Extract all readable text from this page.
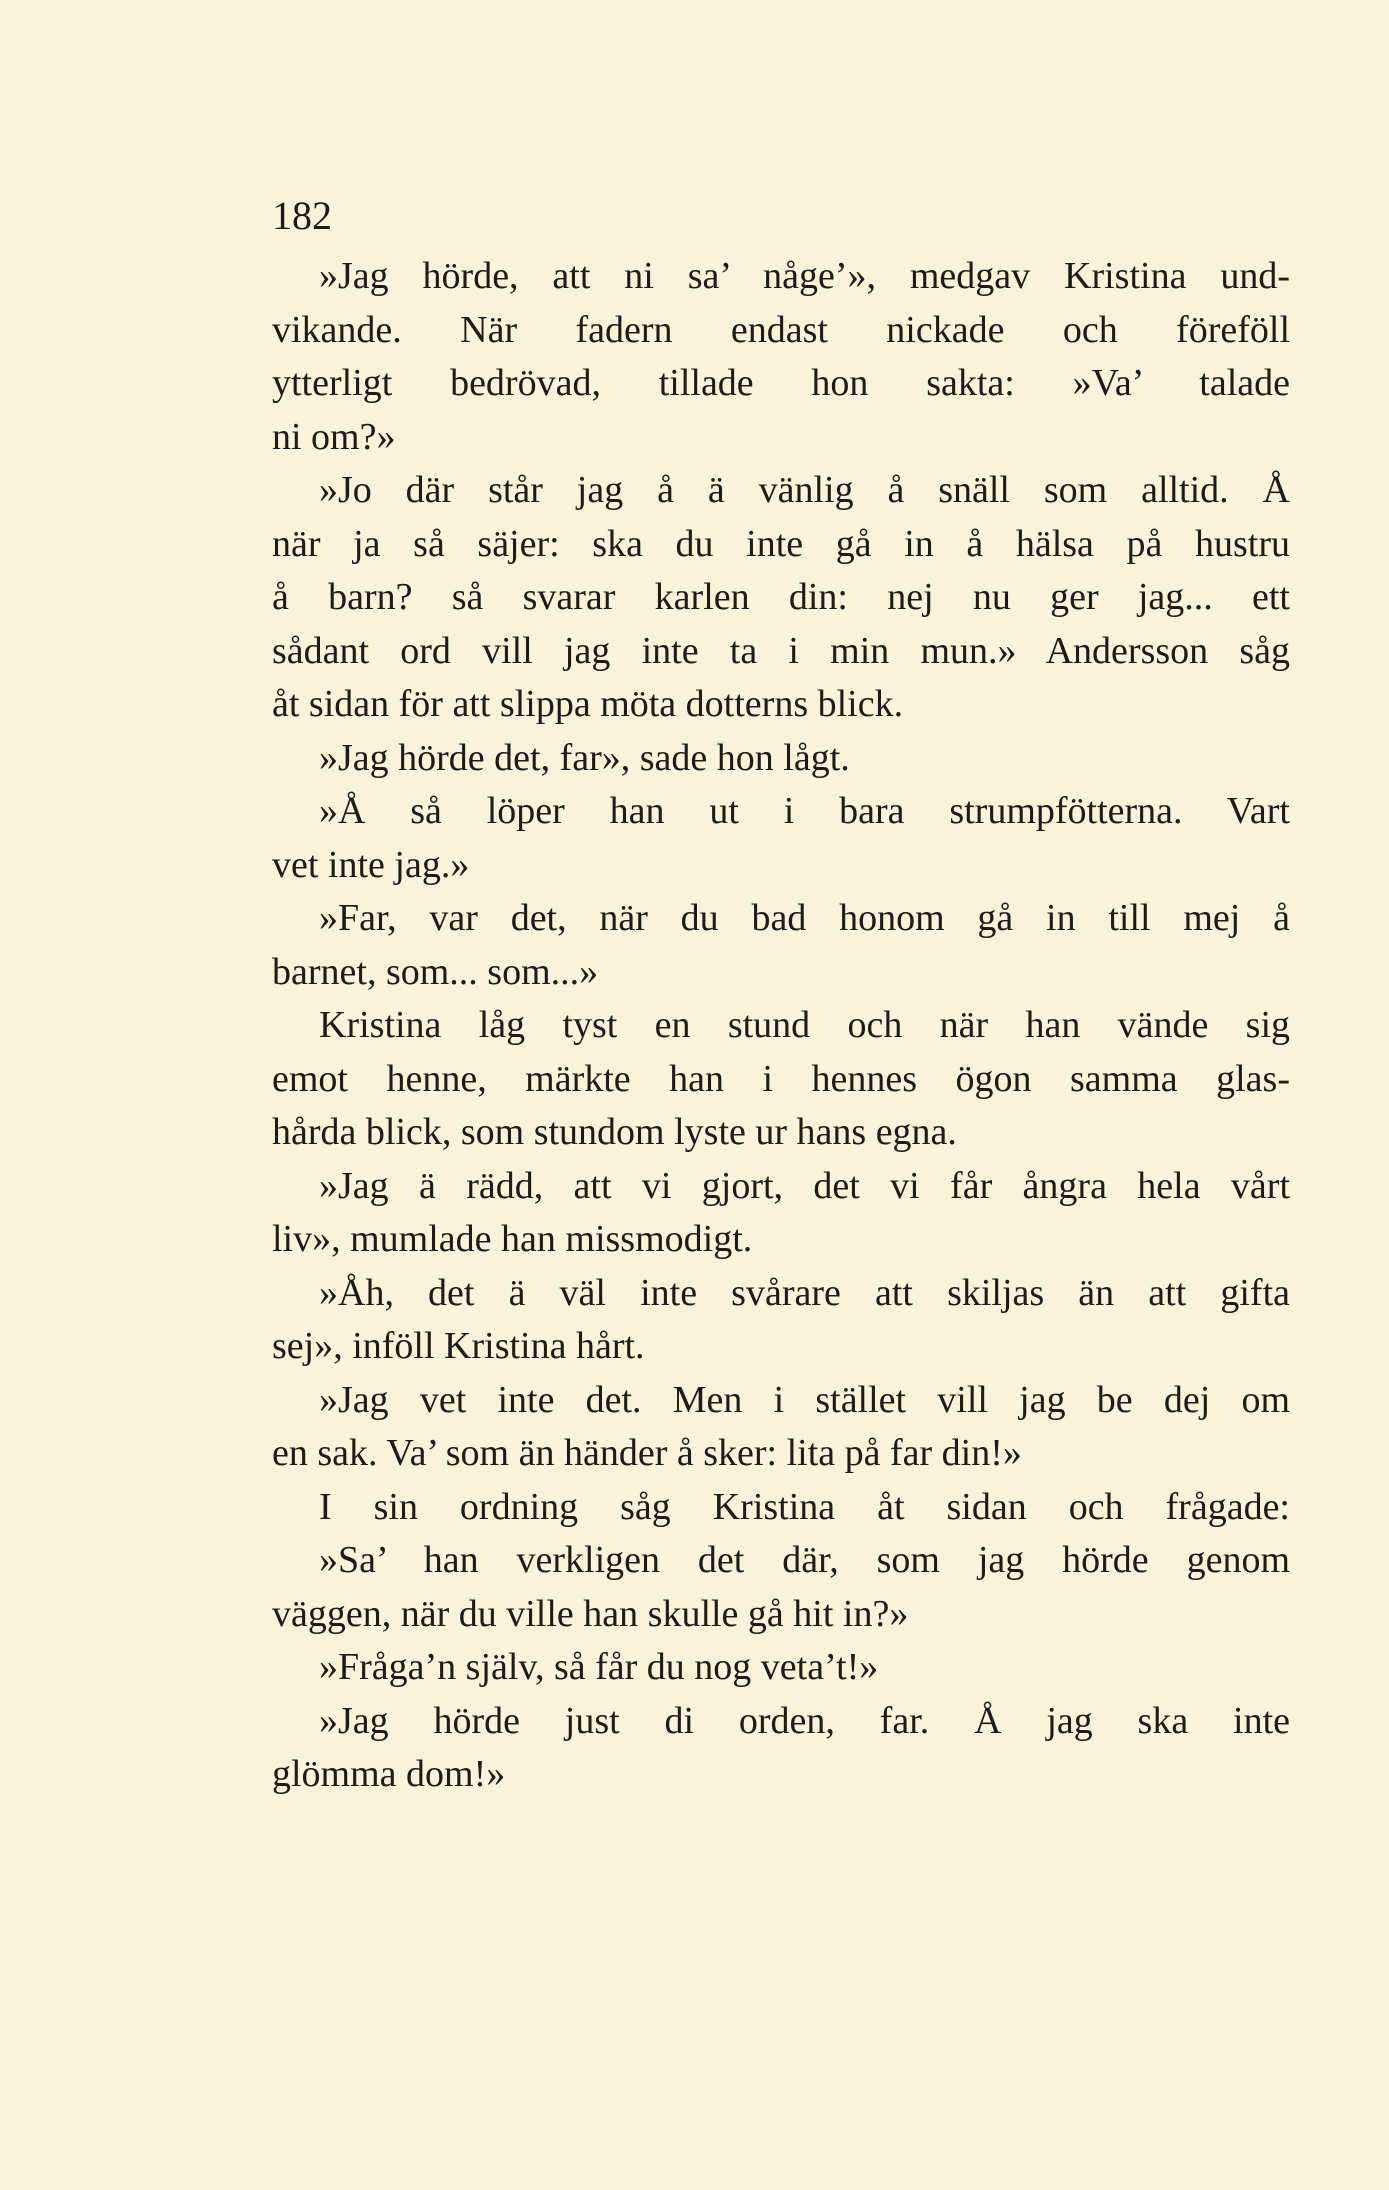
182
»Jag hörde, att ni sa’ någe’», medgav Kristina und-
vikande. När fadern endast nickade och föreföll
ytterligt bedrövad, tillade hon sakta: »Va’ talade
ni om?»
»Jo där står jag å ä vänlig å snäll som alltid. Å
när ja så säjer: ska du inte gå in å hälsa på hustru
å barn? så svarar karlen din: nej nu ger jag... ett
sådant ord vill jag inte ta i min mun.» Andersson såg
åt sidan för att slippa möta dotterns blick.
»Jag hörde det, far», sade hon lågt.
»Å så löper han ut i bara strumpfötterna. Vart
vet inte jag.»
»Far, var det, när du bad honom gå in till mej å
barnet, som... som...»
Kristina låg tyst en stund och när han vände sig
emot henne, märkte han i hennes ögon samma glas-
hårda blick, som stundom lyste ur hans egna.
»Jag ä rädd, att vi gjort, det vi får ångra hela vårt
liv», mumlade han missmodigt.
»Åh, det ä väl inte svårare att skiljas än att gifta
sej», inföll Kristina hårt.
»Jag vet inte det. Men i stället vill jag be dej om
en sak. Va’ som än händer å sker: lita på far din!»
I sin ordning såg Kristina åt sidan och frågade:
»Sa’ han verkligen det där, som jag hörde genom
väggen, när du ville han skulle gå hit in?»
»Fråga’n själv, så får du nog veta’t!»
»Jag hörde just di orden, far. Å jag ska inte
glömma dom!»
